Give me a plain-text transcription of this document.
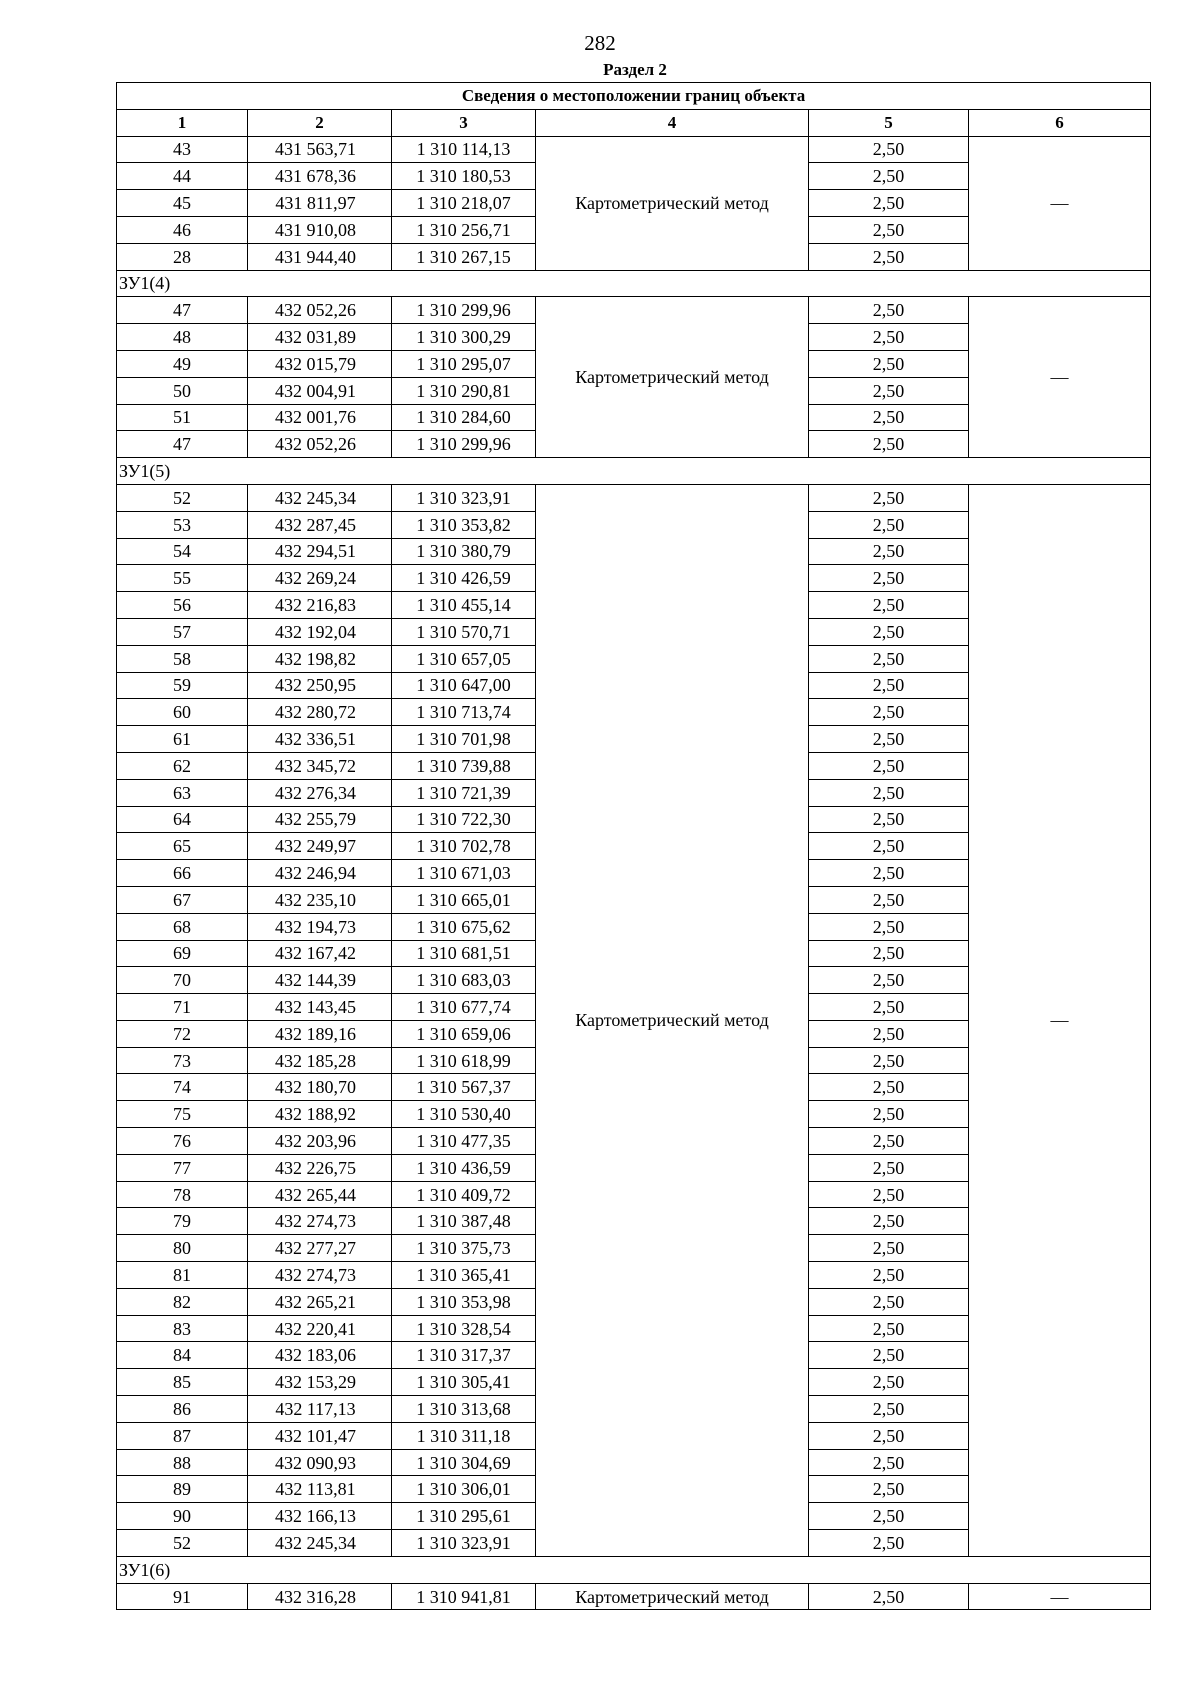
282
Раздел 2
Сведения о местоположении границ объекта					
1	2	3	4	5	6
43	431 563,71	1 310 114,13	Картометрический метод	2,50	—
44	431 678,36	1 310 180,53		2,50	
45	431 811,97	1 310 218,07		2,50	
46	431 910,08	1 310 256,71		2,50	
28	431 944,40	1 310 267,15		2,50	
ЗУ1(4)					
47	432 052,26	1 310 299,96	Картометрический метод	2,50	—
48	432 031,89	1 310 300,29		2,50	
49	432 015,79	1 310 295,07		2,50	
50	432 004,91	1 310 290,81		2,50	
51	432 001,76	1 310 284,60		2,50	
47	432 052,26	1 310 299,96		2,50	
ЗУ1(5)					
52	432 245,34	1 310 323,91	Картометрический метод	2,50	—
53	432 287,45	1 310 353,82		2,50	
54	432 294,51	1 310 380,79		2,50	
55	432 269,24	1 310 426,59		2,50	
56	432 216,83	1 310 455,14		2,50	
57	432 192,04	1 310 570,71		2,50	
58	432 198,82	1 310 657,05		2,50	
59	432 250,95	1 310 647,00		2,50	
60	432 280,72	1 310 713,74		2,50	
61	432 336,51	1 310 701,98		2,50	
62	432 345,72	1 310 739,88		2,50	
63	432 276,34	1 310 721,39		2,50	
64	432 255,79	1 310 722,30		2,50	
65	432 249,97	1 310 702,78		2,50	
66	432 246,94	1 310 671,03		2,50	
67	432 235,10	1 310 665,01		2,50	
68	432 194,73	1 310 675,62		2,50	
69	432 167,42	1 310 681,51		2,50	
70	432 144,39	1 310 683,03		2,50	
71	432 143,45	1 310 677,74		2,50	
72	432 189,16	1 310 659,06		2,50	
73	432 185,28	1 310 618,99		2,50	
74	432 180,70	1 310 567,37		2,50	
75	432 188,92	1 310 530,40		2,50	
76	432 203,96	1 310 477,35		2,50	
77	432 226,75	1 310 436,59		2,50	
78	432 265,44	1 310 409,72		2,50	
79	432 274,73	1 310 387,48		2,50	
80	432 277,27	1 310 375,73		2,50	
81	432 274,73	1 310 365,41		2,50	
82	432 265,21	1 310 353,98		2,50	
83	432 220,41	1 310 328,54		2,50	
84	432 183,06	1 310 317,37		2,50	
85	432 153,29	1 310 305,41		2,50	
86	432 117,13	1 310 313,68		2,50	
87	432 101,47	1 310 311,18		2,50	
88	432 090,93	1 310 304,69		2,50	
89	432 113,81	1 310 306,01		2,50	
90	432 166,13	1 310 295,61		2,50	
52	432 245,34	1 310 323,91		2,50	
ЗУ1(6)					
91	432 316,28	1 310 941,81	Картометрический метод	2,50	—
